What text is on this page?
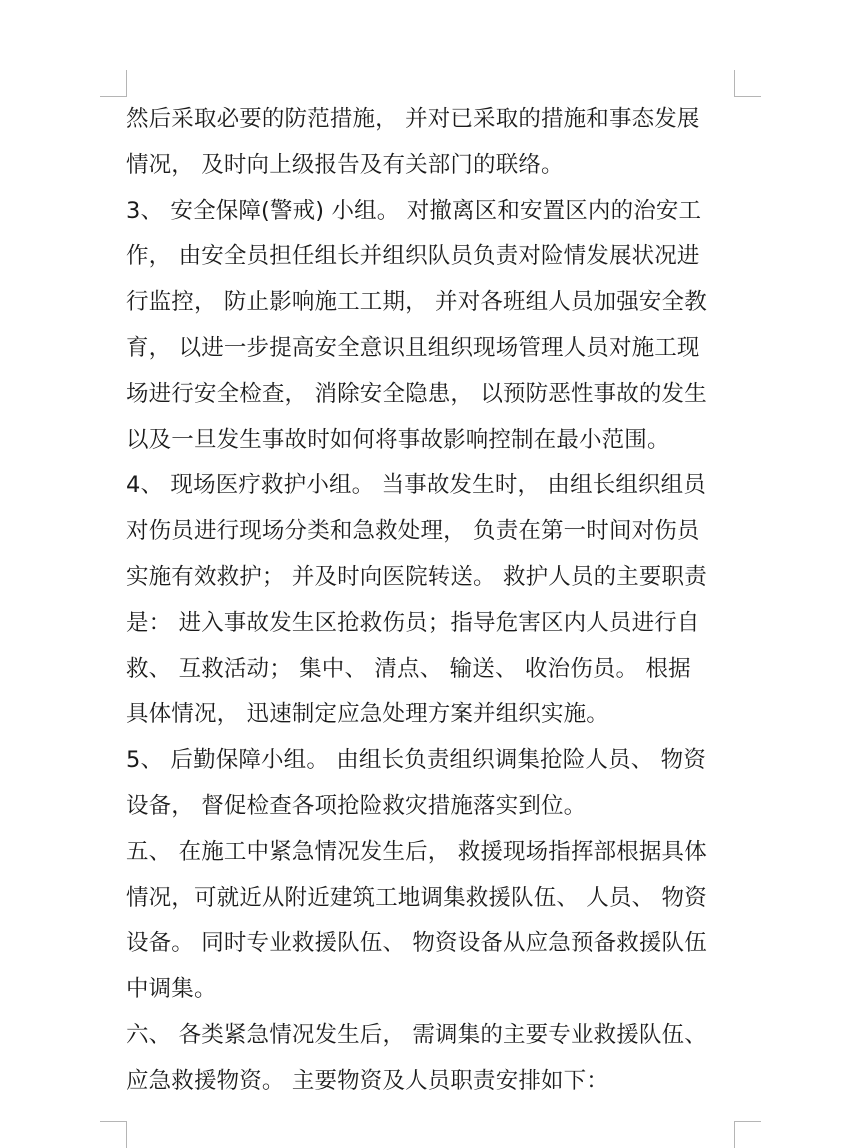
然后采取必要的防范措施， 并对已采取的措施和事态发展
情况， 及时向上级报告及有关部门的联络。
3、 安全保障(警戒) 小组。 对撤离区和安置区内的治安工
作， 由安全员担任组长并组织队员负责对险情发展状况进
行监控， 防止影响施工工期， 并对各班组人员加强安全教
育， 以进一步提高安全意识且组织现场管理人员对施工现
场进行安全检查， 消除安全隐患， 以预防恶性事故的发生
以及一旦发生事故时如何将事故影响控制在最小范围。
4、 现场医疗救护小组。 当事故发生时， 由组长组织组员
对伤员进行现场分类和急救处理， 负责在第一时间对伤员
实施有效救护； 并及时向医院转送。 救护人员的主要职责
是： 进入事故发生区抢救伤员；指导危害区内人员进行自
救、 互救活动； 集中、 清点、 输送、 收治伤员。 根据
具体情况， 迅速制定应急处理方案并组织实施。
5、 后勤保障小组。 由组长负责组织调集抢险人员、 物资
设备， 督促检查各项抢险救灾措施落实到位。
五、 在施工中紧急情况发生后， 救援现场指挥部根据具体
情况，可就近从附近建筑工地调集救援队伍、 人员、 物资
设备。 同时专业救援队伍、 物资设备从应急预备救援队伍
中调集。
六、 各类紧急情况发生后， 需调集的主要专业救援队伍、
应急救援物资。 主要物资及人员职责安排如下：
